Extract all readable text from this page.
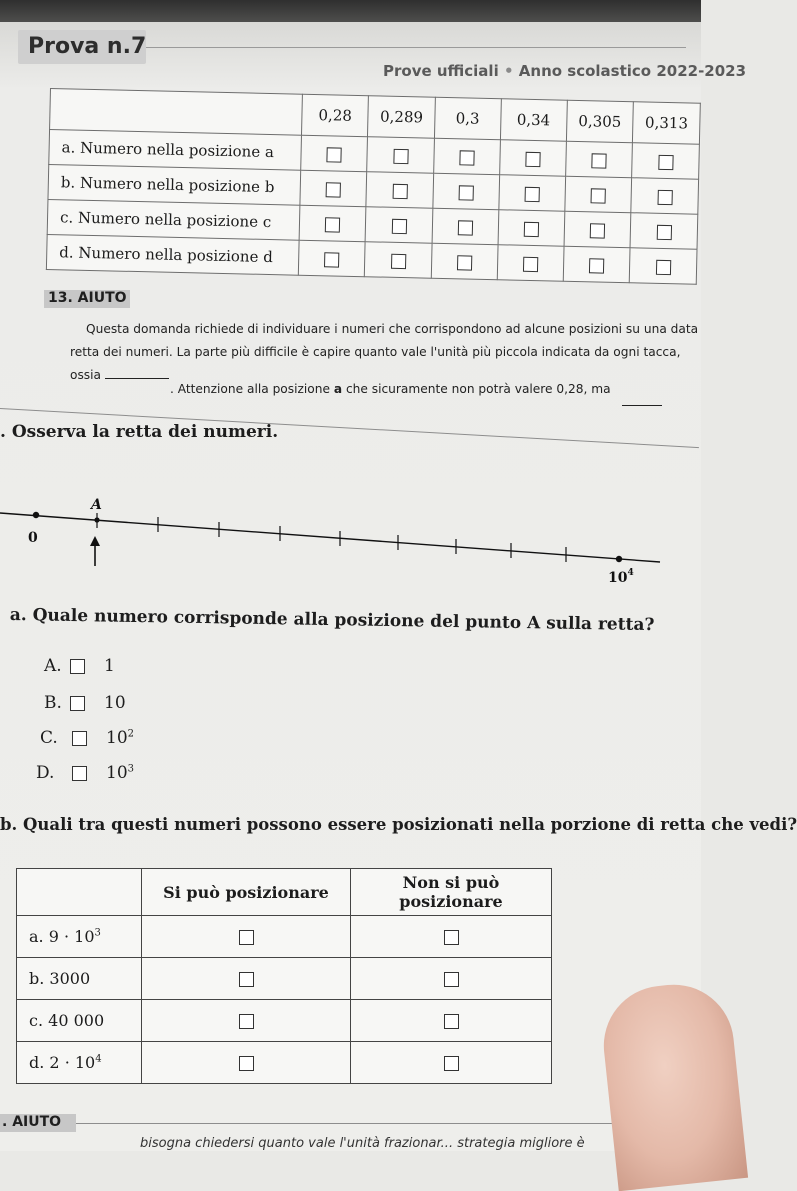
Prova n.7
Prove ufficiali • Anno scolastico 2022-2023
	0,28	0,289	0,3	0,34	0,305	0,313
a. Numero nella posizione a						
b. Numero nella posizione b						
c. Numero nella posizione c						
d. Numero nella posizione d						
13. AIUTO
Questa domanda richiede di individuare i numeri che corrispondono ad alcune posizioni su una data
retta dei numeri. La parte più difficile è capire quanto vale l'unità più piccola indicata da ogni tacca,
ossia
. Attenzione alla posizione a che sicuramente non potrà valere 0,28, ma
. Osserva la retta dei numeri.
A
0
$10^4$
a. Quale numero corrisponde alla posizione del punto A sulla retta?
A. 1
B. 10
C.	$10^2$
D.	$10^3$
b. Quali tra questi numeri possono essere posizionati nella porzione di retta che vedi?
	Si può posizionare	Non si può posizionare
a. $9 \cdot 10^3$		
b. 3000		
c. 40 000		
d. $2 \cdot 10^4$		
. AIUTO
bisogna chiedersi quanto vale l'unità frazionar... strategia migliore è
